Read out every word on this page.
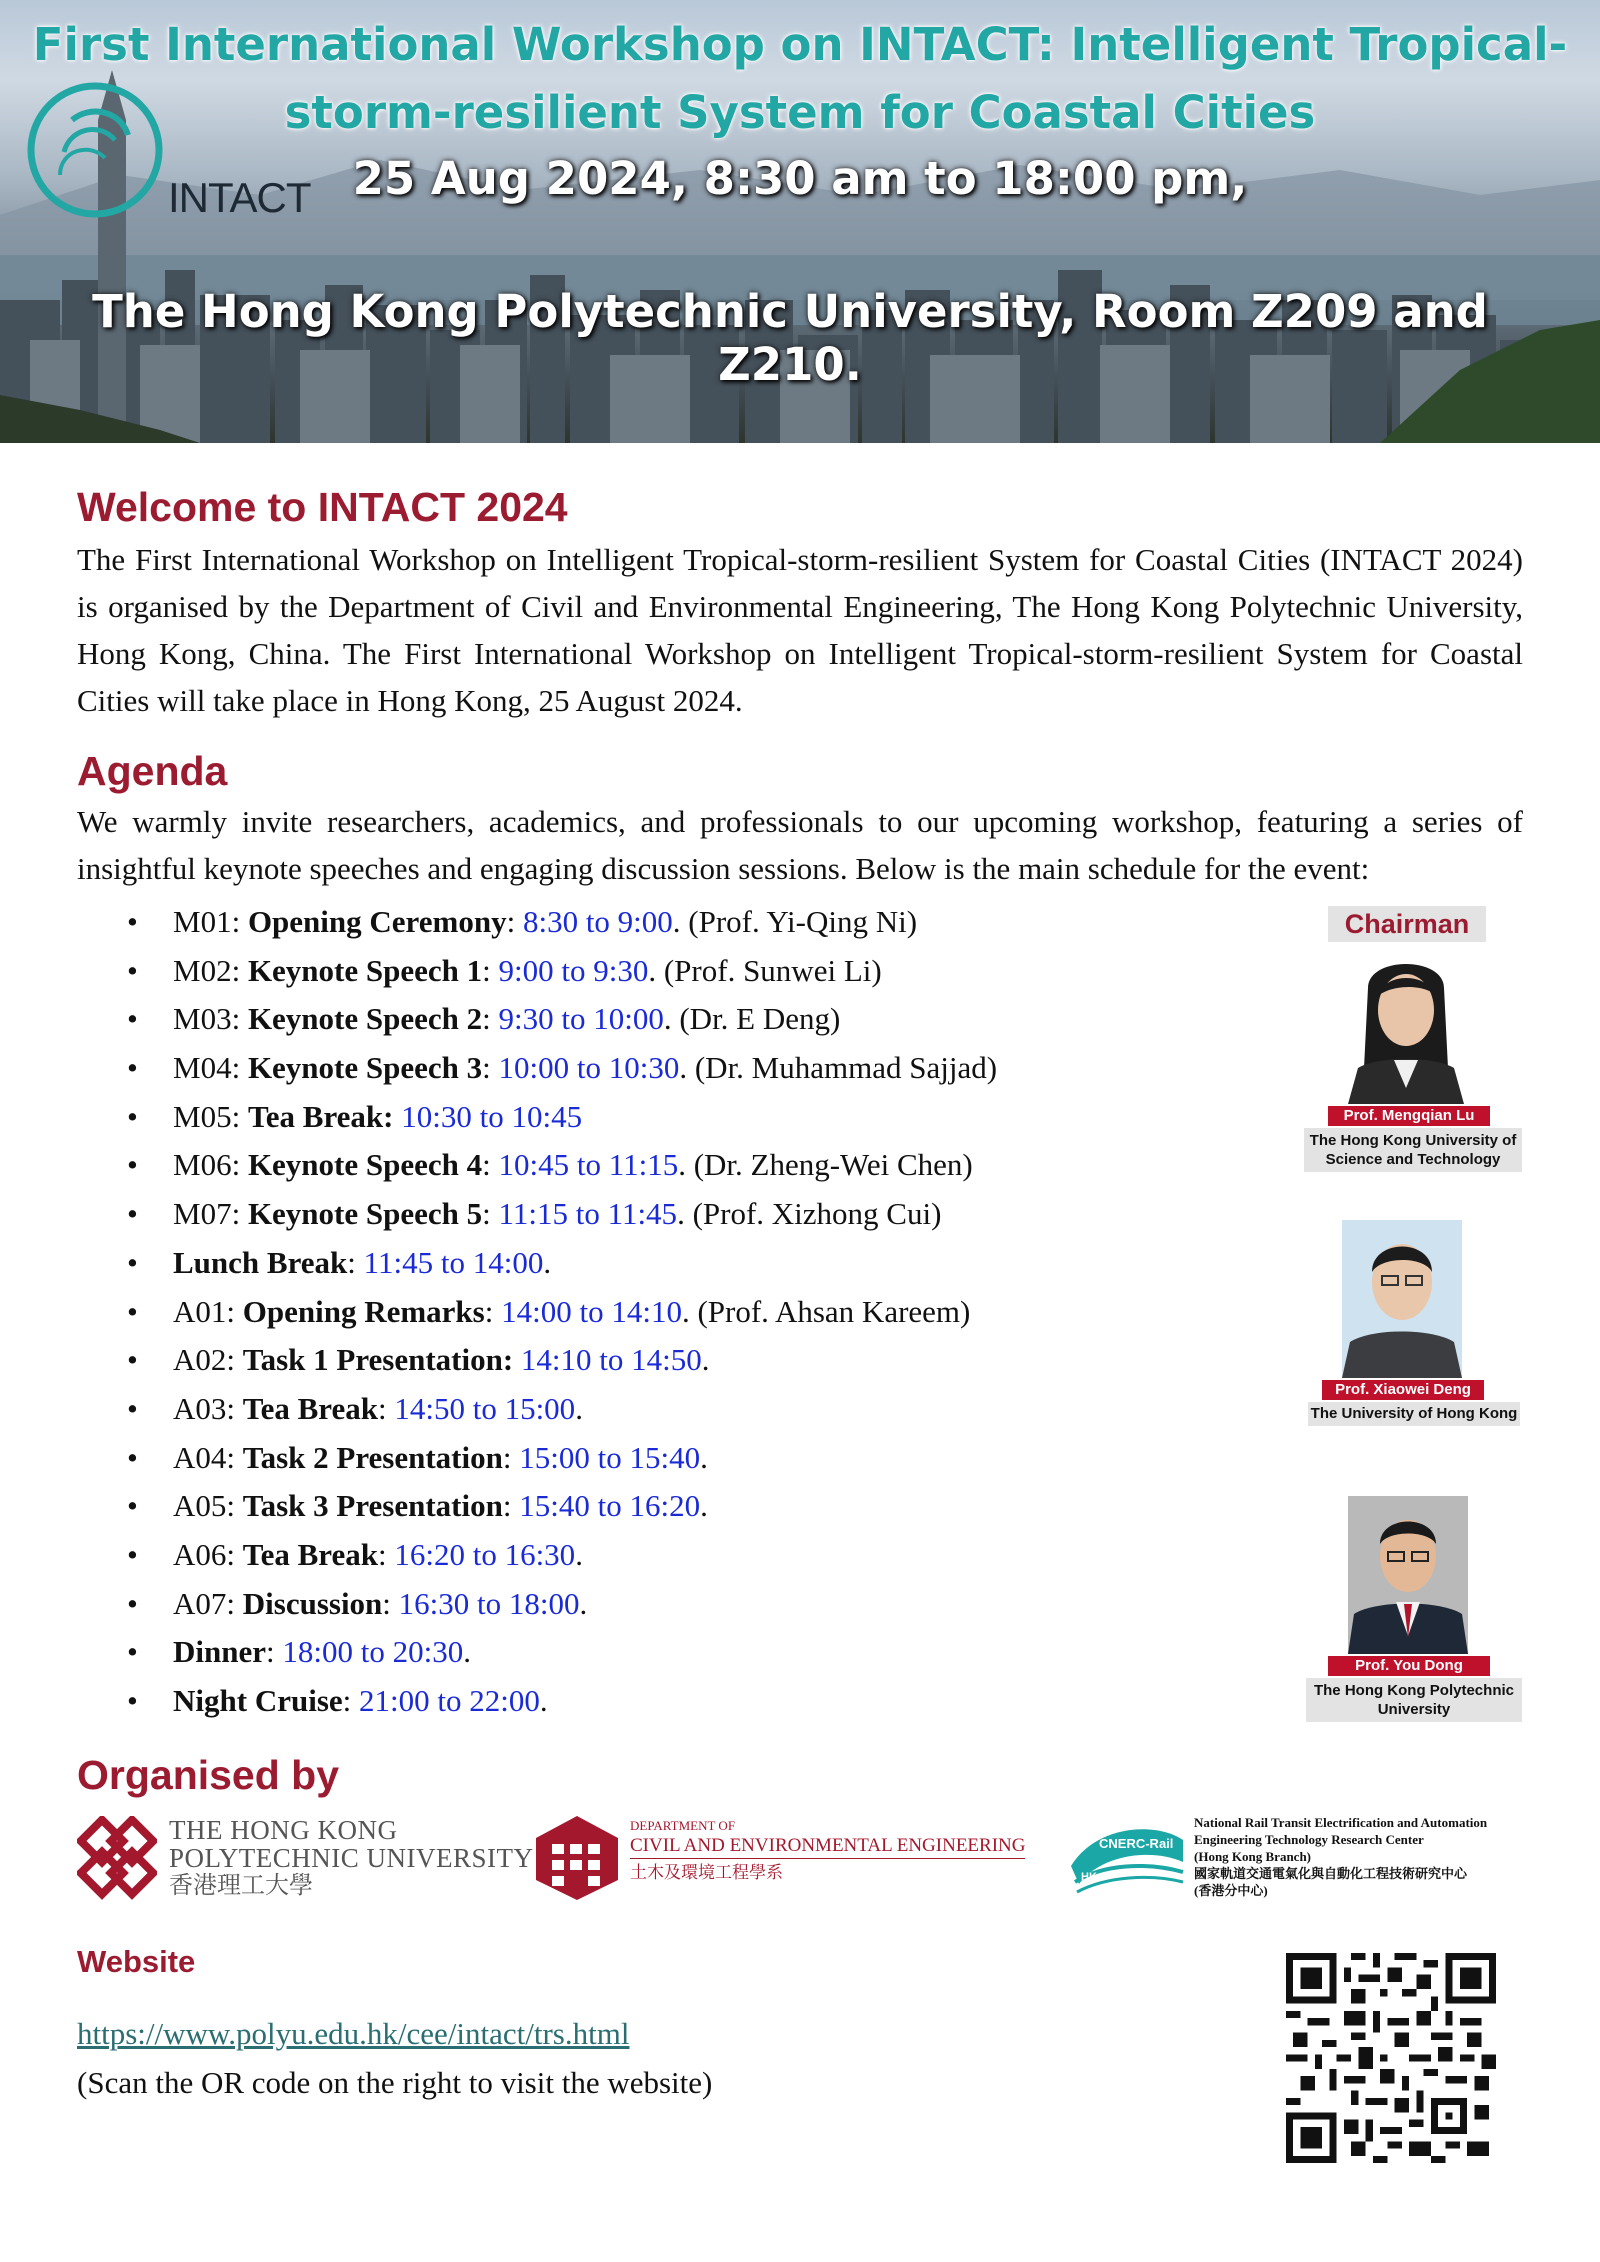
INTACT
First International Workshop on INTACT: Intelligent Tropical-
storm-resilient System for Coastal Cities
25 Aug 2024, 8:30 am to 18:00 pm,
The Hong Kong Polytechnic University, Room Z209 and Z210.
Welcome to INTACT 2024

The First International Workshop on Intelligent Tropical-storm-resilient System for Coastal Cities (INTACT 2024) is organised by the Department of Civil and Environmental Engineering, The Hong Kong Polytechnic University, Hong Kong, China. The First International Workshop on Intelligent Tropical-storm-resilient System for Coastal Cities will take place in Hong Kong, 25 August 2024.

Agenda

We warmly invite researchers, academics, and professionals to our upcoming workshop, featuring a series of insightful keynote speeches and engaging discussion sessions. Below is the main schedule for the event:

• M01: Opening Ceremony: 8:30 to 9:00. (Prof. Yi-Qing Ni)
• M02: Keynote Speech 1: 9:00 to 9:30. (Prof. Sunwei Li)
• M03: Keynote Speech 2: 9:30 to 10:00. (Dr. E Deng)
• M04: Keynote Speech 3: 10:00 to 10:30. (Dr. Muhammad Sajjad)
• M05: Tea Break: 10:30 to 10:45
• M06: Keynote Speech 4: 10:45 to 11:15. (Dr. Zheng-Wei Chen)
• M07: Keynote Speech 5: 11:15 to 11:45. (Prof. Xizhong Cui)
• Lunch Break: 11:45 to 14:00.
• A01: Opening Remarks: 14:00 to 14:10. (Prof. Ahsan Kareem)
• A02: Task 1 Presentation: 14:10 to 14:50.
• A03: Tea Break: 14:50 to 15:00.
• A04: Task 2 Presentation: 15:00 to 15:40.
• A05: Task 3 Presentation: 15:40 to 16:20.
• A06: Tea Break: 16:20 to 16:30.
• A07: Discussion: 16:30 to 18:00.
• Dinner: 18:00 to 20:30.
• Night Cruise: 21:00 to 22:00.
Chairman
Prof. Mengqian Lu
The Hong Kong University of
Science and Technology
Prof. Xiaowei Deng
The University of Hong Kong
Prof. You Dong
The Hong Kong Polytechnic
University
Organised by
THE HONG KONG
POLYTECHNIC UNIVERSITY
香港理工大學
DEPARTMENT OF
CIVIL AND ENVIRONMENTAL ENGINEERING
土木及環境工程學系
CNERC-Rail
HK
National Rail Transit Electrification and Automation
Engineering Technology Research Center
(Hong Kong Branch)
國家軌道交通電氣化與自動化工程技術研究中心
(香港分中心)
Website
https://www.polyu.edu.hk/cee/intact/trs.html
(Scan the OR code on the right to visit the website)
